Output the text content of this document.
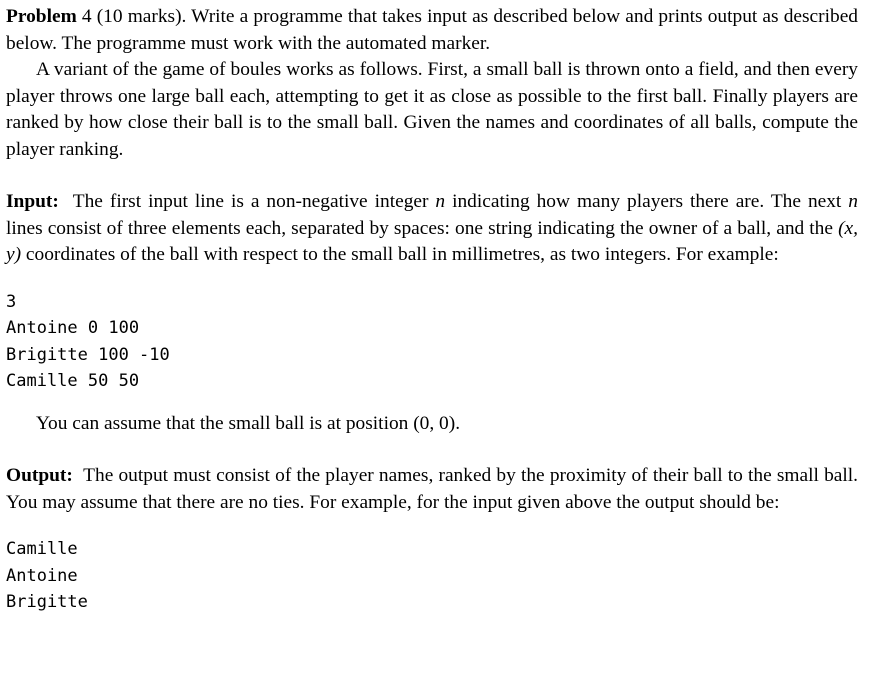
Problem 4 (10 marks). Write a programme that takes input as described below and prints output as described below. The programme must work with the automated marker.

A variant of the game of boules works as follows. First, a small ball is thrown onto a field, and then every player throws one large ball each, attempting to get it as close as possible to the first ball. Finally players are ranked by how close their ball is to the small ball. Given the names and coordinates of all balls, compute the player ranking.

Input: The first input line is a non-negative integer n indicating how many players there are. The next n lines consist of three elements each, separated by spaces: one string indicating the owner of a ball, and the (x, y) coordinates of the ball with respect to the small ball in millimetres, as two integers. For example:

3

Antoine 0 100

Brigitte 100 -10

Camille 50 50

You can assume that the small ball is at position (0, 0).

Output: The output must consist of the player names, ranked by the proximity of their ball to the small ball. You may assume that there are no ties. For example, for the input given above the output should be:

Camille

Antoine

Brigitte
